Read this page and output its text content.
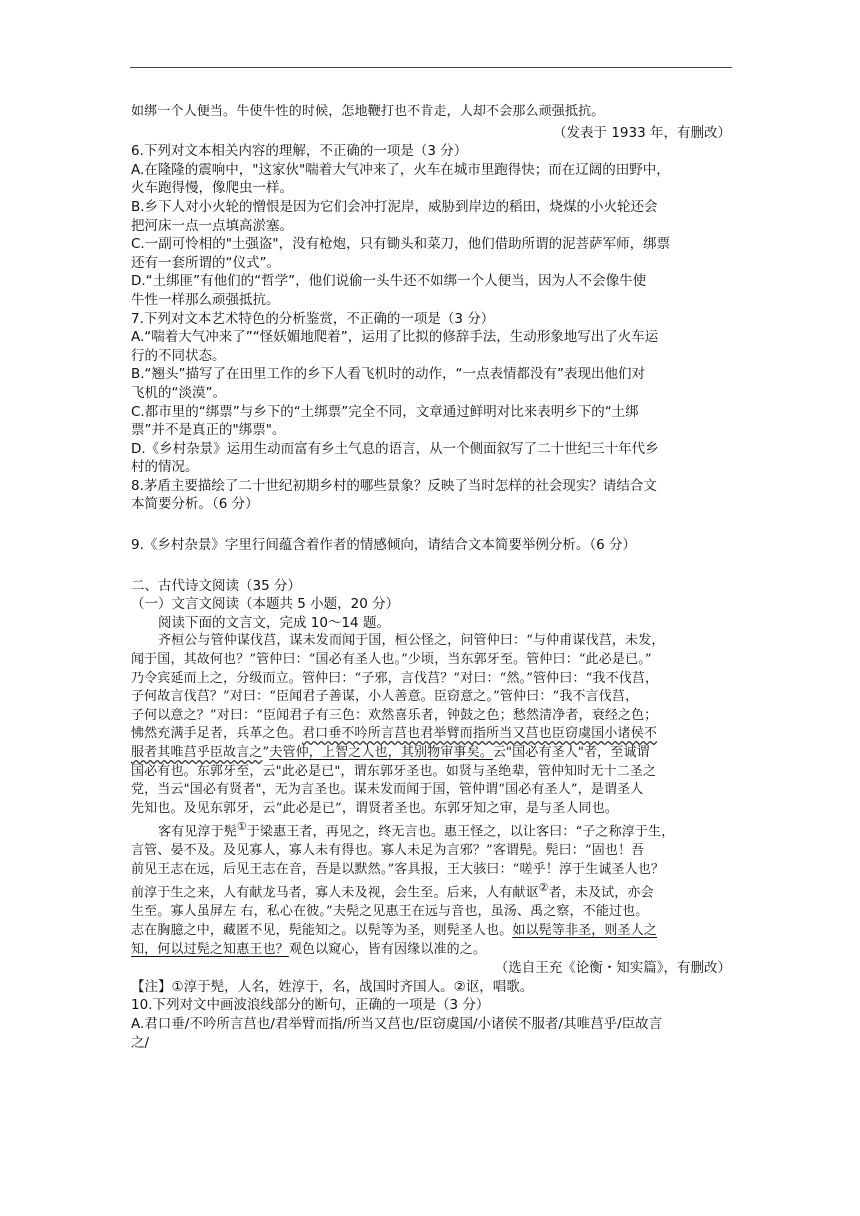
如绑一个人便当。牛使牛性的时候，怎地鞭打也不肯走，人却不会那么顽强抵抗。
（发表于 1933 年，有删改）
6.下列对文本相关内容的理解，不正确的一项是（3 分）
A.在隆隆的震响中，"这家伙"喘着大气冲来了，火车在城市里跑得快；而在辽阔的田野中，
火车跑得慢，像爬虫一样。
B.乡下人对小火轮的憎恨是因为它们会冲打泥岸，威胁到岸边的稻田，烧煤的小火轮还会
把河床一点一点填高淤塞。
C.一副可怜相的"土强盗"，没有枪炮，只有锄头和菜刀，他们借助所谓的泥菩萨军师，绑票
还有一套所谓的“仪式”。
D.“土绑匪”有他们的“哲学”，他们说偷一头牛还不如绑一个人便当，因为人不会像牛使
牛性一样那么顽强抵抗。
7.下列对文本艺术特色的分析鉴赏，不正确的一项是（3 分）
A.“喘着大气冲来了”“怪妖媚地爬着”，运用了比拟的修辞手法，生动形象地写出了火车运
行的不同状态。
B.“翘头”描写了在田里工作的乡下人看飞机时的动作，“一点表情都没有”表现出他们对
飞机的“淡漠”。
C.都市里的“绑票”与乡下的“土绑票”完全不同，文章通过鲜明对比来表明乡下的“土绑
票”并不是真正的"绑票"。
D.《乡村杂景》运用生动而富有乡土气息的语言，从一个侧面叙写了二十世纪三十年代乡
村的情况。
8.茅盾主要描绘了二十世纪初期乡村的哪些景象？反映了当时怎样的社会现实？请结合文
本简要分析。（6 分）
9.《乡村杂景》字里行间蕴含着作者的情感倾向，请结合文本简要举例分析。（6 分）
二、古代诗文阅读（35 分）
（一）文言文阅读（本题共 5 小题，20 分）
阅读下面的文言文，完成 10～14 题。
齐桓公与管仲谋伐莒，谋未发而闻于国，桓公怪之，问管仲曰：“与仲甫谋伐莒，未发，
闻于国，其故何也？”管仲曰：“国必有圣人也。”少顷，当东郭牙至。管仲曰：“此必是已。”
乃令宾延而上之，分级而立。管仲曰：“子邪，言伐莒？”对曰：“然。”管仲曰：“我不伐莒，
子何故言伐莒？”对曰：“臣闻君子善谋，小人善意。臣窃意之。”管仲曰：“我不言伐莒，
子何以意之？”对曰：“臣闻君子有三色：欢然喜乐者，钟鼓之色；愁然清净者，衰经之色；
怫然充满手足者，兵革之色。君口垂不吟所言莒也君举臂而指所当又莒也臣窃虞国小诸侯不
服者其唯莒乎臣故言之”夫管仲，上智之人也，其别物审事矣。云"国必有圣人"者，至诚谓
国必有也。东郭牙至，云"此必是已"，谓东郭牙圣也。如贤与圣绝辈，管仲知时无十二圣之
党，当云"国必有贤者"，无为言圣也。谋未发而闻于国，管仲谓“国必有圣人”，是谓圣人
先知也。及见东郭牙，云“此必是已”，谓贤者圣也。东郭牙知之审，是与圣人同也。
客有见淳于髡①于梁惠王者，再见之，终无言也。惠王怪之，以让客曰：“子之称淳于生，
言管、晏不及。及见寡人，寡人未有得也。寡人未足为言邪？”客谓髡。髡曰：“固也！吾
前见王志在远，后见王志在音，吾是以默然。”客具报，王大骇曰：“嗟乎！淳于生诚圣人也？
前淳于生之来，人有献龙马者，寡人未及视，会生至。后来，人有献讴②者，未及试，亦会
生至。寡人虽屏左 右，私心在彼。”夫髡之见惠王在远与音也，虽汤、禹之察，不能过也。
志在胸臆之中，藏匿不见，髡能知之。以髡等为圣，则髡圣人也。如以髡等非圣，则圣人之
知，何以过髡之知惠王也？观色以窥心，皆有因缘以准的之。
（选自王充《论衡・知实篇》，有删改）
【注】①淳于髡，人名，姓淳于，名，战国时齐国人。②讴，唱歌。
10.下列对文中画波浪线部分的断句，正确的一项是（3 分）
A.君口垂/不吟所言莒也/君举臂而指/所当又莒也/臣窃虞国/小诸侯不服者/其唯莒乎/臣故言
之/
